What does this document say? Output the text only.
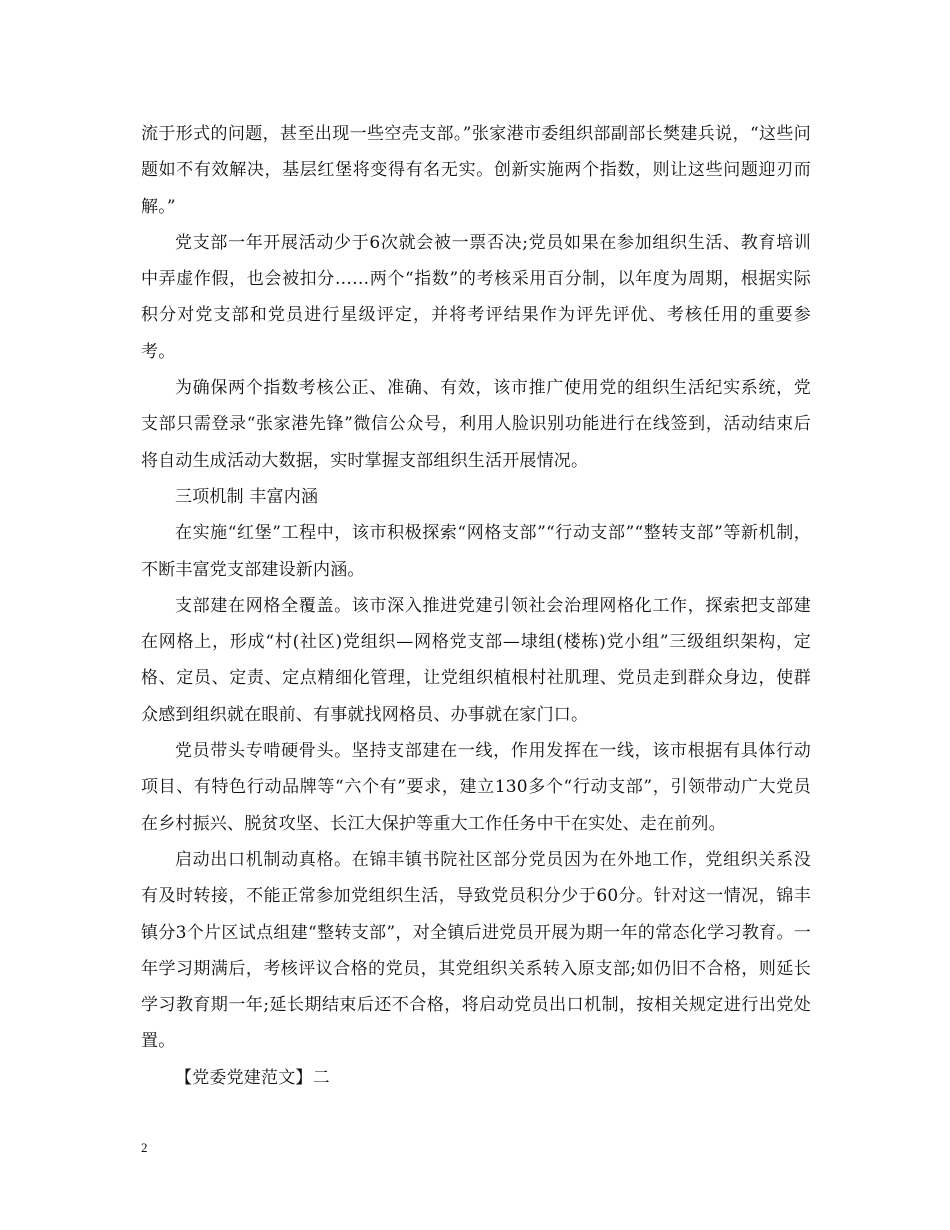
流于形式的问题，甚至出现一些空壳支部。”张家港市委组织部副部长樊建兵说，“这些问题如不有效解决，基层红堡将变得有名无实。创新实施两个指数，则让这些问题迎刃而解。”

党支部一年开展活动少于6次就会被一票否决;党员如果在参加组织生活、教育培训中弄虚作假，也会被扣分……两个“指数”的考核采用百分制，以年度为周期，根据实际积分对党支部和党员进行星级评定，并将考评结果作为评先评优、考核任用的重要参考。

为确保两个指数考核公正、准确、有效，该市推广使用党的组织生活纪实系统，党支部只需登录“张家港先锋”微信公众号，利用人脸识别功能进行在线签到，活动结束后将自动生成活动大数据，实时掌握支部组织生活开展情况。

三项机制 丰富内涵

在实施“红堡”工程中，该市积极探索“网格支部”“行动支部”“整转支部”等新机制，不断丰富党支部建设新内涵。

支部建在网格全覆盖。该市深入推进党建引领社会治理网格化工作，探索把支部建在网格上，形成“村(社区)党组织—网格党支部—埭组(楼栋)党小组”三级组织架构，定格、定员、定责、定点精细化管理，让党组织植根村社肌理、党员走到群众身边，使群众感到组织就在眼前、有事就找网格员、办事就在家门口。

党员带头专啃硬骨头。坚持支部建在一线，作用发挥在一线，该市根据有具体行动项目、有特色行动品牌等“六个有”要求，建立130多个“行动支部”，引领带动广大党员在乡村振兴、脱贫攻坚、长江大保护等重大工作任务中干在实处、走在前列。

启动出口机制动真格。在锦丰镇书院社区部分党员因为在外地工作，党组织关系没有及时转接，不能正常参加党组织生活，导致党员积分少于60分。针对这一情况，锦丰镇分3个片区试点组建“整转支部”，对全镇后进党员开展为期一年的常态化学习教育。一年学习期满后，考核评议合格的党员，其党组织关系转入原支部;如仍旧不合格，则延长学习教育期一年;延长期结束后还不合格，将启动党员出口机制，按相关规定进行出党处置。

【党委党建范文】二

2
